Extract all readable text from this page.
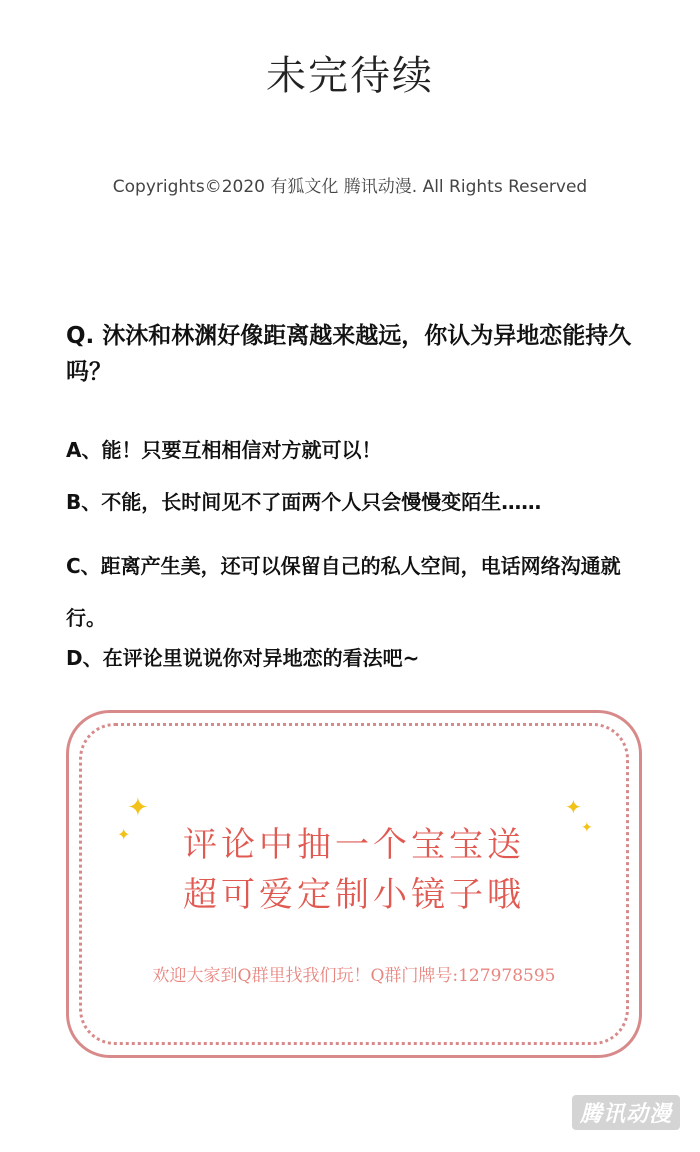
未完待续
Copyrights©2020 有狐文化 腾讯动漫. All Rights Reserved
Q. 沐沐和林渊好像距离越来越远，你认为异地恋能持久吗？
A、能！只要互相相信对方就可以！
B、不能，长时间见不了面两个人只会慢慢变陌生……
C、距离产生美，还可以保留自己的私人空间，电话网络沟通就行。
D、在评论里说说你对异地恋的看法吧~
✦
✦
✦
✦
评论中抽一个宝宝送
超可爱定制小镜子哦
欢迎大家到Q群里找我们玩！Q群门牌号:127978595
腾讯动漫
